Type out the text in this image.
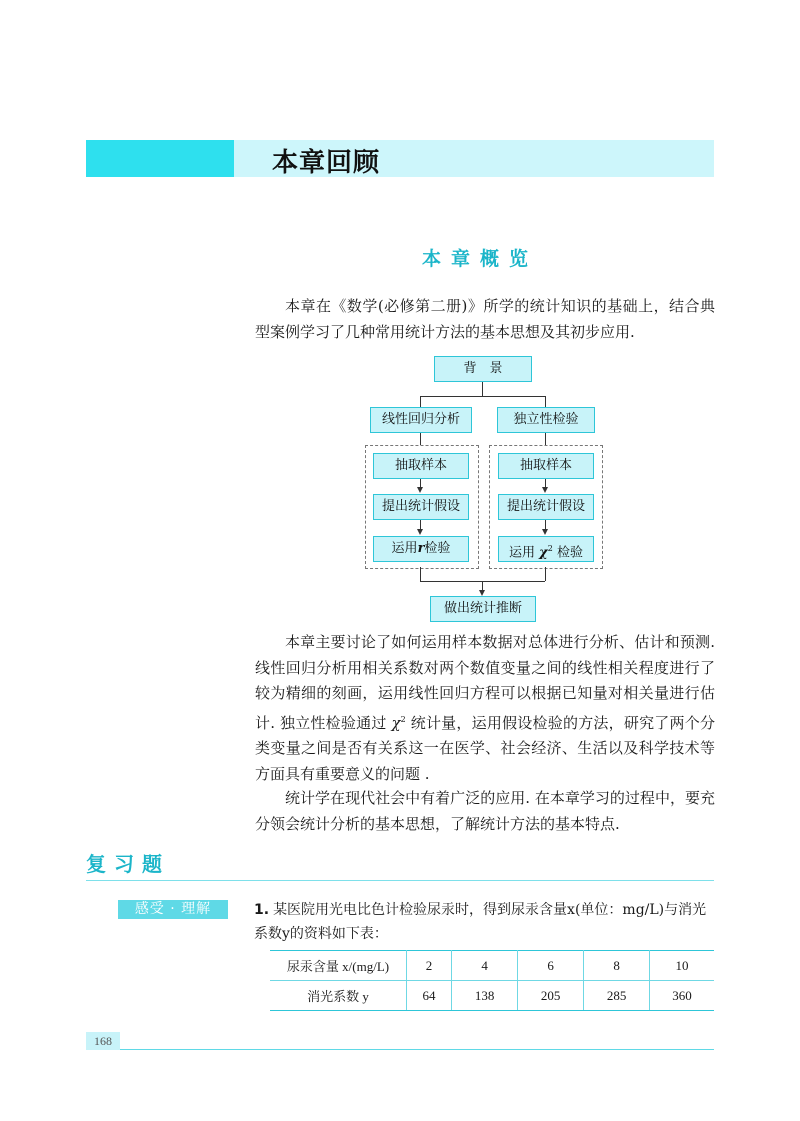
本章回顾
本章概览
本章在《数学(必修第二册)》所学的统计知识的基础上，结合典型案例学习了几种常用统计方法的基本思想及其初步应用.
背　景
线性回归分析	独立性检验
抽取样本	抽取样本
提出统计假设	提出统计假设
运用r检验	运用 $\chi^2$ 检验
做出统计推断
本章主要讨论了如何运用样本数据对总体进行分析、估计和预测. 线性回归分析用相关系数对两个数值变量之间的线性相关程度进行了较为精细的刻画，运用线性回归方程可以根据已知量对相关量进行估计. 独立性检验通过 $\chi^2$ 统计量，运用假设检验的方法，研究了两个分类变量之间是否有关系这一在医学、社会经济、生活以及科学技术等方面具有重要意义的问题 .
统计学在现代社会中有着广泛的应用. 在本章学习的过程中，要充分领会统计分析的基本思想，了解统计方法的基本特点.
复习题
感受 · 理解	1. 某医院用光电比色计检验尿汞时，得到尿汞含量x(单位：mg/L)与消光系数y的资料如下表：
尿汞含量 x/(mg/L)	2	4	6	8	10
消光系数 y	64	138	205	285	360
168
